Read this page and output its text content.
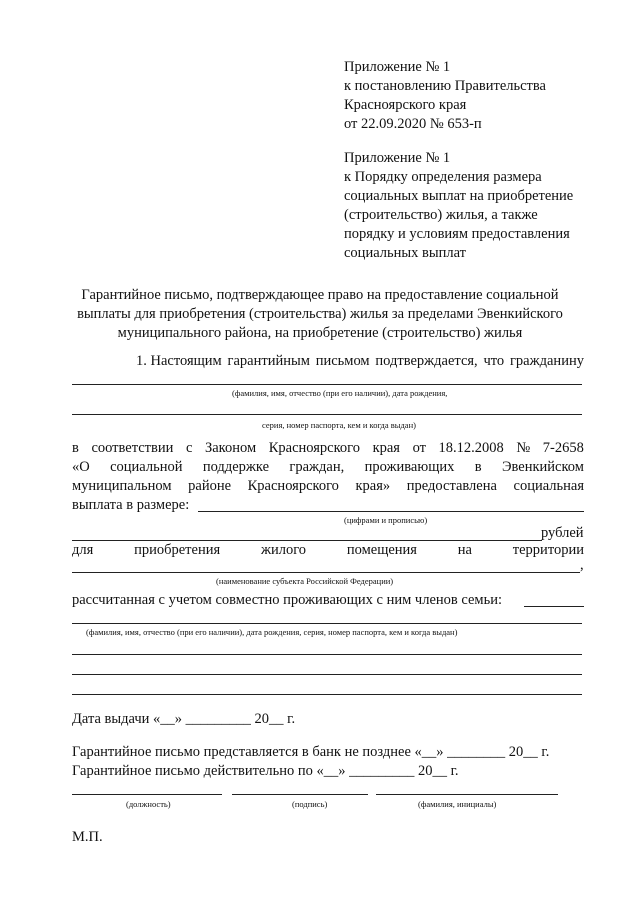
Приложение № 1
к постановлению Правительства
Красноярского края
от 22.09.2020 № 653-п
Приложение № 1
к Порядку определения размера
социальных выплат на приобретение
(строительство) жилья, а также
порядку и условиям предоставления
социальных выплат
Гарантийное письмо, подтверждающее право на предоставление социальной
выплаты для приобретения (строительства) жилья за пределами Эвенкийского
муниципального района, на приобретение (строительство) жилья
1. Настоящим гарантийным письмом подтверждается, что гражданину
(фамилия, имя, отчество (при его наличии), дата рождения,
серия, номер паспорта, кем и когда выдан)
в соответствии с Законом Красноярского края от 18.12.2008 № 7-2658
«О социальной поддержке граждан, проживающих в Эвенкийском
муниципальном районе Красноярского края» предоставлена социальная
выплата в размере:
(цифрами и прописью)
рублей
для	приобретения	жилого	помещения	на	территории
,
(наименование субъекта Российской Федерации)
рассчитанная с учетом совместно проживающих с ним членов семьи:
(фамилия, имя, отчество (при его наличии), дата рождения, серия, номер паспорта, кем и когда выдан)
Дата выдачи «__» _________ 20__ г.
Гарантийное письмо представляется в банк не позднее «__» ________ 20__ г.
Гарантийное письмо действительно по «__» _________ 20__ г.
(должность)	(подпись)	(фамилия, инициалы)
М.П.
